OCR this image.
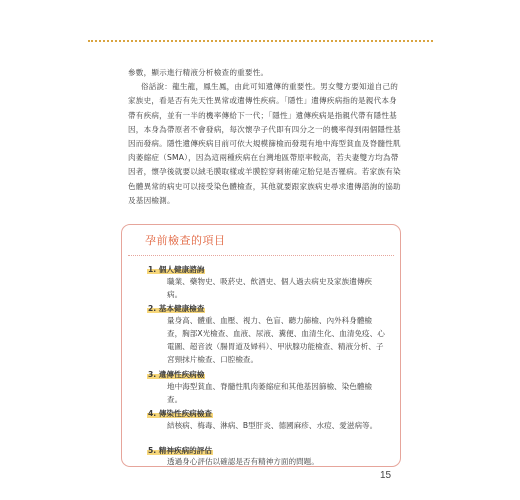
參數，顯示進行精液分析檢查的重要性。

俗話說：龍生龍，鳳生鳳，由此可知遺傳的重要性。男女雙方要知道自己的家族史，看是否有先天性異常或遺傳性疾病。「隱性」遺傳疾病指的是親代本身帶有疾病，並有一半的機率傳給下一代；「隱性」遺傳疾病是指親代帶有隱性基因，本身為帶原者不會發病，每次懷孕子代即有四分之一的機率得到兩個隱性基因而發病。隱性遺傳疾病目前可依大規模篩檢而發現有地中海型貧血及脊髓性肌肉萎縮症（SMA），因為這兩種疾病在台灣地區帶原率較高，若夫妻雙方均為帶因者，懷孕後就要以絨毛膜取樣或羊膜腔穿刺術確定胎兒是否罹病。若家族有染色體異常的病史可以接受染色體檢查，其他就要跟家族病史尋求遺傳諮詢的協助及基因檢測。

孕前檢查的項目
1. 個人健康諮詢
職業、藥物史、吸菸史、飲酒史、個人過去病史及家族遺傳疾病。
2. 基本健康檢查
量身高、體重、血壓、視力、色盲、聽力篩檢、內外科身體檢查，胸部X光檢查、血液、尿液、糞便、血清生化、血清免疫、心電圖、超音波（腸胃道及婦科）、甲狀腺功能檢查、精液分析、子宮頸抹片檢查、口腔檢查。
3. 遺傳性疾病檢
地中海型貧血、脊髓性肌肉萎縮症和其他基因篩檢、染色體檢查。
4. 傳染性疾病檢查
結核病、梅毒、淋病、B型肝炎、德國麻疹、水痘、愛滋病等。
5. 精神疾病的評估
透過身心評估以確認是否有精神方面的問題。
15
